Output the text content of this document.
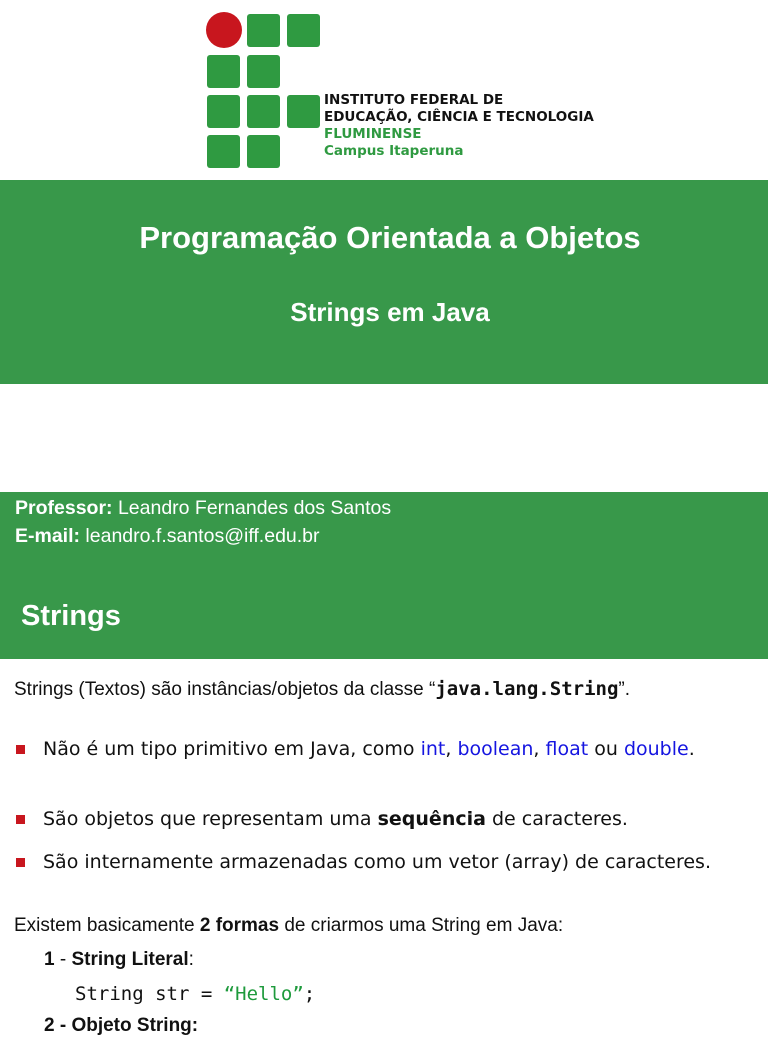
INSTITUTO FEDERAL DE
EDUCAÇÃO, CIÊNCIA E TECNOLOGIA
FLUMINENSE
Campus Itaperuna
Programação Orientada a Objetos
Strings em Java
Professor: Leandro Fernandes dos Santos
E-mail: leandro.f.santos@iff.edu.br
Strings
Strings (Textos) são instâncias/objetos da classe “java.lang.String”.
Não é um tipo primitivo em Java, como int, boolean, float ou double.
São objetos que representam uma sequência de caracteres.
São internamente armazenadas como um vetor (array) de caracteres.
Existem basicamente 2 formas de criarmos uma String em Java:
1 - String Literal:
String str = “Hello”;
2 - Objeto String:
